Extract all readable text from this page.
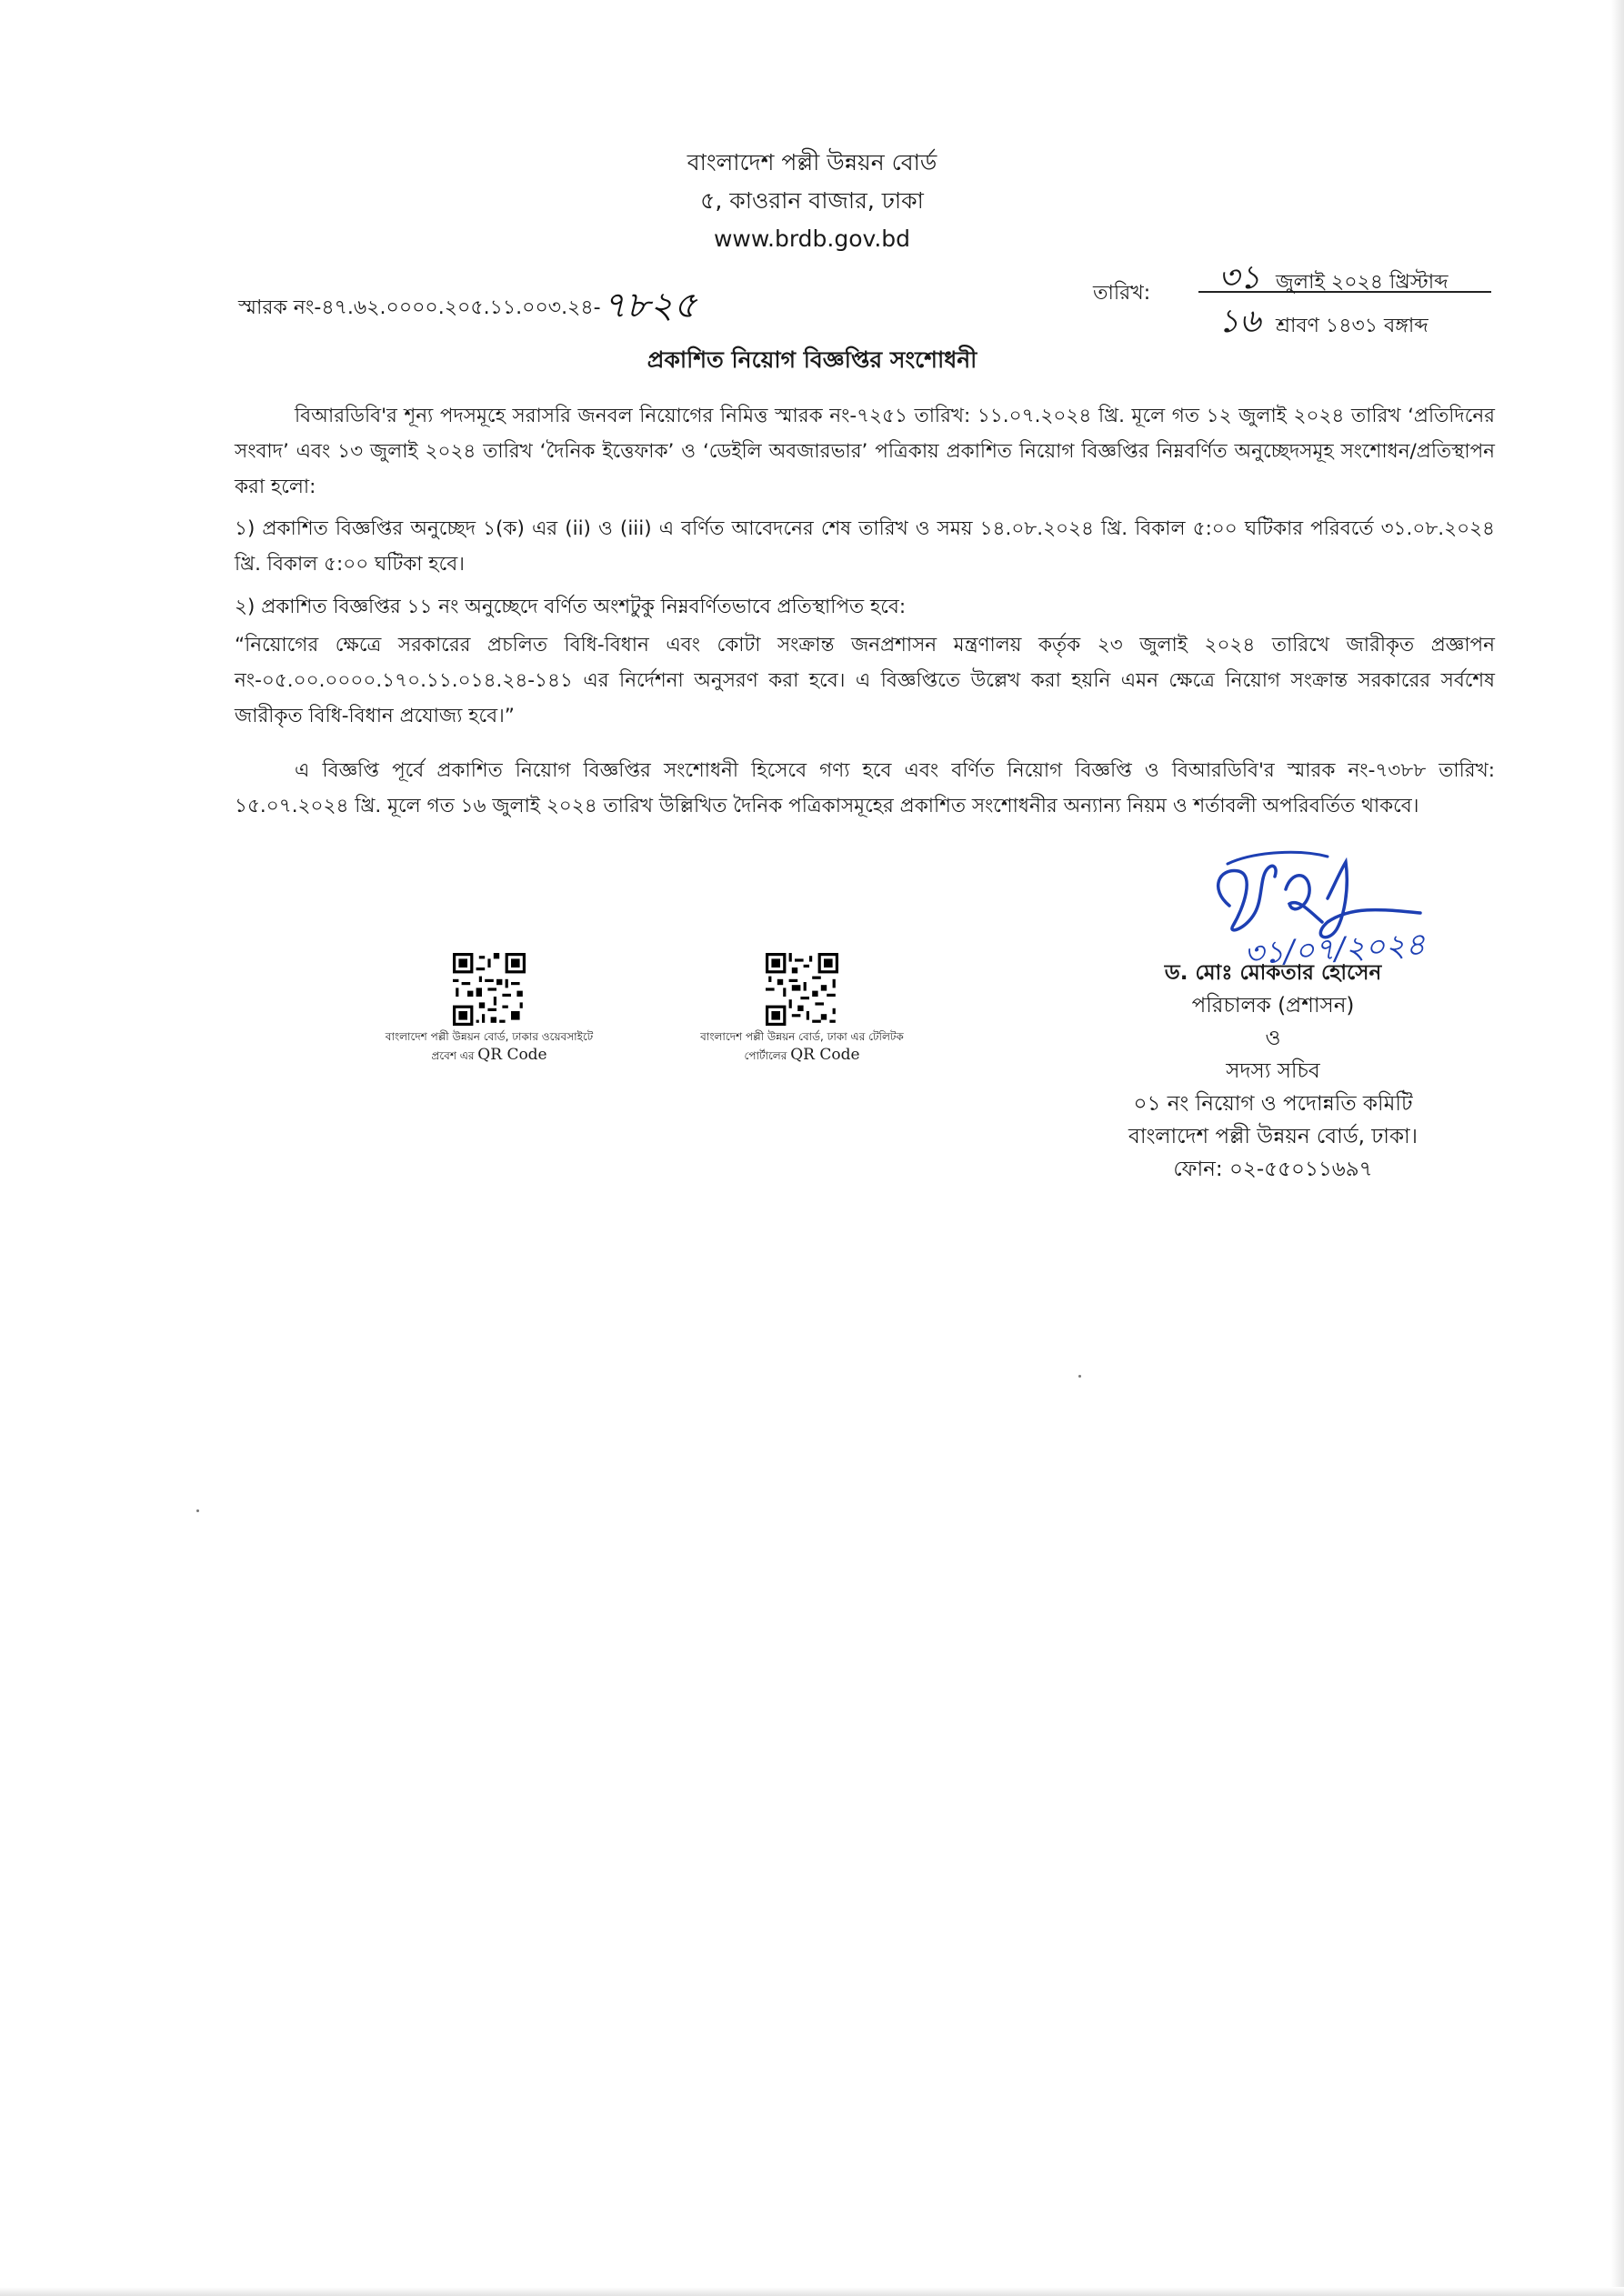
বাংলাদেশ পল্লী উন্নয়ন বোর্ড
৫, কাওরান বাজার, ঢাকা
www.brdb.gov.bd
স্মারক নং-৪৭.৬২.০০০০.২০৫.১১.০০৩.২৪-৭৮২৫	তারিখ:	৩১ জুলাই ২০২৪ খ্রিস্টাব্দ
১৬ শ্রাবণ ১৪৩১ বঙ্গাব্দ
প্রকাশিত নিয়োগ বিজ্ঞপ্তির সংশোধনী
বিআরডিবি'র শূন্য পদসমূহে সরাসরি জনবল নিয়োগের নিমিত্ত স্মারক নং-৭২৫১ তারিখ: ১১.০৭.২০২৪ খ্রি. মূলে গত ১২ জুলাই ২০২৪ তারিখ ‘প্রতিদিনের সংবাদ’ এবং ১৩ জুলাই ২০২৪ তারিখ ‘দৈনিক ইত্তেফাক’ ও ‘ডেইলি অবজারভার’ পত্রিকায় প্রকাশিত নিয়োগ বিজ্ঞপ্তির নিম্নবর্ণিত অনুচ্ছেদসমূহ সংশোধন/প্রতিস্থাপন করা হলো:
১) প্রকাশিত বিজ্ঞপ্তির অনুচ্ছেদ ১(ক) এর (ii) ও (iii) এ বর্ণিত আবেদনের শেষ তারিখ ও সময় ১৪.০৮.২০২৪ খ্রি. বিকাল ৫:০০ ঘটিকার পরিবর্তে ৩১.০৮.২০২৪ খ্রি. বিকাল ৫:০০ ঘটিকা হবে।
২) প্রকাশিত বিজ্ঞপ্তির ১১ নং অনুচ্ছেদে বর্ণিত অংশটুকু নিম্নবর্ণিতভাবে প্রতিস্থাপিত হবে:
“নিয়োগের ক্ষেত্রে সরকারের প্রচলিত বিধি-বিধান এবং কোটা সংক্রান্ত জনপ্রশাসন মন্ত্রণালয় কর্তৃক ২৩ জুলাই ২০২৪ তারিখে জারীকৃত প্রজ্ঞাপন নং-০৫.০০.০০০০.১৭০.১১.০১৪.২৪-১৪১ এর নির্দেশনা অনুসরণ করা হবে। এ বিজ্ঞপ্তিতে উল্লেখ করা হয়নি এমন ক্ষেত্রে নিয়োগ সংক্রান্ত সরকারের সর্বশেষ জারীকৃত বিধি-বিধান প্রযোজ্য হবে।”
এ বিজ্ঞপ্তি পূর্বে প্রকাশিত নিয়োগ বিজ্ঞপ্তির সংশোধনী হিসেবে গণ্য হবে এবং বর্ণিত নিয়োগ বিজ্ঞপ্তি ও বিআরডিবি'র স্মারক নং-৭৩৮৮ তারিখ: ১৫.০৭.২০২৪ খ্রি. মূলে গত ১৬ জুলাই ২০২৪ তারিখ উল্লিখিত দৈনিক পত্রিকাসমূহের প্রকাশিত সংশোধনীর অন্যান্য নিয়ম ও শর্তাবলী অপরিবর্তিত থাকবে।
৩১/০৭/২০২৪
ড. মোঃ মোকতার হোসেন
পরিচালক (প্রশাসন)
ও
সদস্য সচিব
০১ নং নিয়োগ ও পদোন্নতি কমিটি
বাংলাদেশ পল্লী উন্নয়ন বোর্ড, ঢাকা।
ফোন: ০২-৫৫০১১৬৯৭
বাংলাদেশ পল্লী উন্নয়ন বোর্ড, ঢাকার ওয়েবসাইটে
প্রবেশ এর QR Code
বাংলাদেশ পল্লী উন্নয়ন বোর্ড, ঢাকা এর টেলিটক
পোর্টালের QR Code
